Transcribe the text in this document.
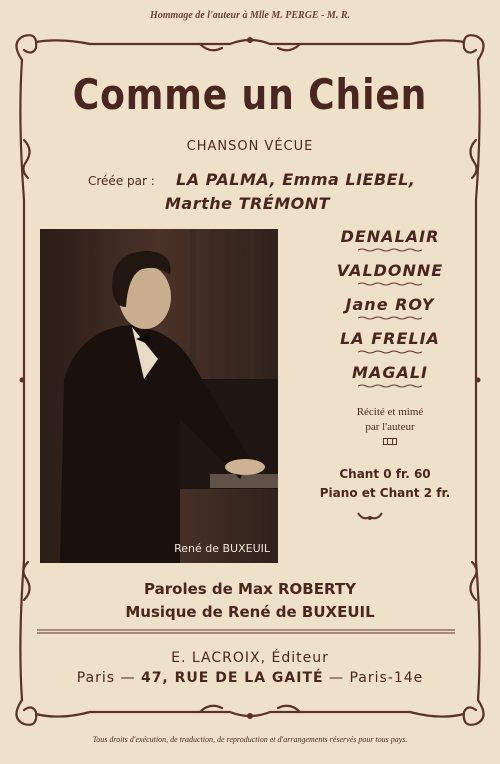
Hommage de l'auteur à Mlle M. PERGE - M. R.
Comme un Chien
CHANSON VÉCUE
Créée par : LA PALMA, Emma LIEBEL,
Marthe TRÉMONT
René de BUXEUIL
DENALAIR
VALDONNE
Jane ROY
LA FRELIA
MAGALI
Récité et mimé
par l'auteur
Chant 0 fr. 60
Piano et Chant 2 fr.
Paroles de Max ROBERTY
Musique de René de BUXEUIL
E. LACROIX, Éditeur
Paris — 47, RUE DE LA GAITÉ — Paris-14e
Tous droits d'exécution, de traduction, de reproduction et d'arrangements réservés pour tous pays.
